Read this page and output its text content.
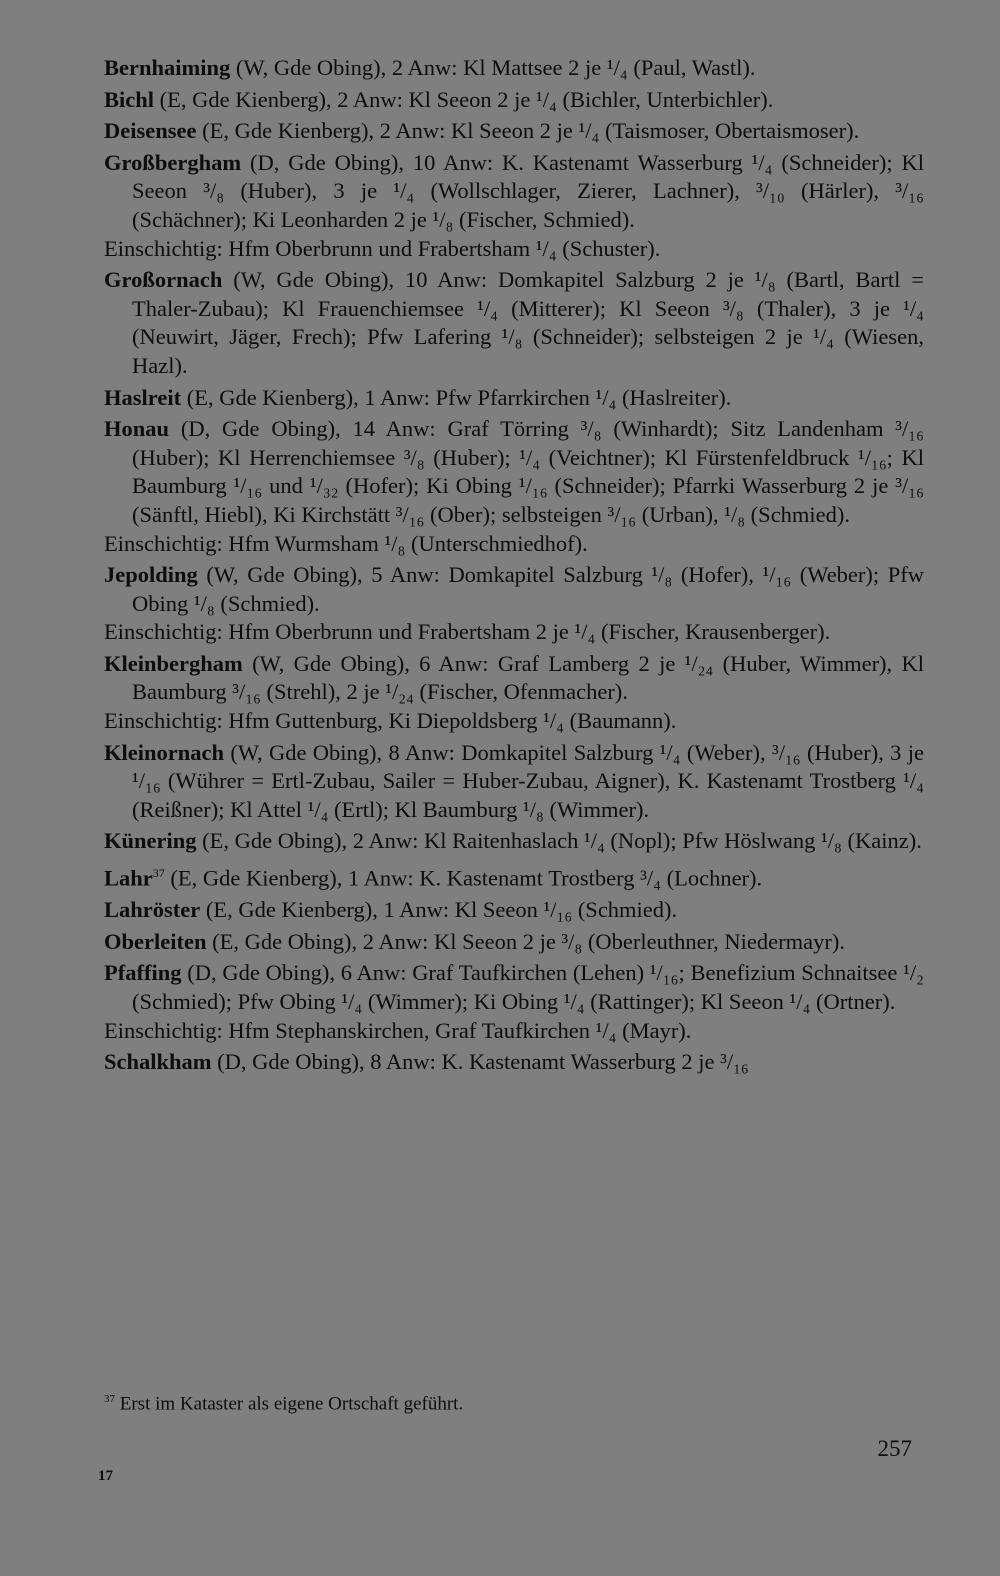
Bernhaiming (W, Gde Obing), 2 Anw: Kl Mattsee 2 je ¹/₄ (Paul, Wastl).

Bichl (E, Gde Kienberg), 2 Anw: Kl Seeon 2 je ¹/₄ (Bichler, Unterbichler).

Deisensee (E, Gde Kienberg), 2 Anw: Kl Seeon 2 je ¹/₄ (Taismoser, Obertaismoser).

Großbergham (D, Gde Obing), 10 Anw: K. Kastenamt Wasserburg ¹/₄ (Schneider); Kl Seeon ³/₈ (Huber), 3 je ¹/₄ (Wollschlager, Zierer, Lachner), ³/₁₀ (Härler), ³/₁₆ (Schächner); Ki Leonharden 2 je ¹/₈ (Fischer, Schmied).
Einschichtig: Hfm Oberbrunn und Frabertsham ¹/₄ (Schuster).

Großornach (W, Gde Obing), 10 Anw: Domkapitel Salzburg 2 je ¹/₈ (Bartl, Bartl = Thaler-Zubau); Kl Frauenchiemsee ¹/₄ (Mitterer); Kl Seeon ³/₈ (Thaler), 3 je ¹/₄ (Neuwirt, Jäger, Frech); Pfw Lafering ¹/₈ (Schneider); selbsteigen 2 je ¹/₄ (Wiesen, Hazl).

Haslreit (E, Gde Kienberg), 1 Anw: Pfw Pfarrkirchen ¹/₄ (Haslreiter).

Honau (D, Gde Obing), 14 Anw: Graf Törring ³/₈ (Winhardt); Sitz Landenham ³/₁₆ (Huber); Kl Herrenchiemsee ³/₈ (Huber); ¹/₄ (Veichtner); Kl Fürstenfeldbruck ¹/₁₆; Kl Baumburg ¹/₁₆ und ¹/₃₂ (Hofer); Ki Obing ¹/₁₆ (Schneider); Pfarrki Wasserburg 2 je ³/₁₆ (Sänftl, Hiebl), Ki Kirchstätt ³/₁₆ (Ober); selbsteigen ³/₁₆ (Urban), ¹/₈ (Schmied).
Einschichtig: Hfm Wurmsham ¹/₈ (Unterschmiedhof).

Jepolding (W, Gde Obing), 5 Anw: Domkapitel Salzburg ¹/₈ (Hofer), ¹/₁₆ (Weber); Pfw Obing ¹/₈ (Schmied).
Einschichtig: Hfm Oberbrunn und Frabertsham 2 je ¹/₄ (Fischer, Krausenberger).

Kleinbergham (W, Gde Obing), 6 Anw: Graf Lamberg 2 je ¹/₂₄ (Huber, Wimmer), Kl Baumburg ³/₁₆ (Strehl), 2 je ¹/₂₄ (Fischer, Ofenmacher).
Einschichtig: Hfm Guttenburg, Ki Diepoldsberg ¹/₄ (Baumann).

Kleinornach (W, Gde Obing), 8 Anw: Domkapitel Salzburg ¹/₄ (Weber), ³/₁₆ (Huber), 3 je ¹/₁₆ (Wührer = Ertl-Zubau, Sailer = Huber-Zubau, Aigner), K. Kastenamt Trostberg ¹/₄ (Reißner); Kl Attel ¹/₄ (Ertl); Kl Baumburg ¹/₈ (Wimmer).

Künering (E, Gde Obing), 2 Anw: Kl Raitenhaslach ¹/₄ (Nopl); Pfw Höslwang ¹/₈ (Kainz).

Lahr$^{37}$ (E, Gde Kienberg), 1 Anw: K. Kastenamt Trostberg ³/₄ (Lochner).

Lahröster (E, Gde Kienberg), 1 Anw: Kl Seeon ¹/₁₆ (Schmied).

Oberleiten (E, Gde Obing), 2 Anw: Kl Seeon 2 je ³/₈ (Oberleuthner, Niedermayr).

Pfaffing (D, Gde Obing), 6 Anw: Graf Taufkirchen (Lehen) ¹/₁₆; Benefizium Schnaitsee ¹/₂ (Schmied); Pfw Obing ¹/₄ (Wimmer); Ki Obing ¹/₄ (Rattinger); Kl Seeon ¹/₄ (Ortner).
Einschichtig: Hfm Stephanskirchen, Graf Taufkirchen ¹/₄ (Mayr).

Schalkham (D, Gde Obing), 8 Anw: K. Kastenamt Wasserburg 2 je ³/₁₆

$^{37}$ Erst im Kataster als eigene Ortschaft geführt.
17
257
